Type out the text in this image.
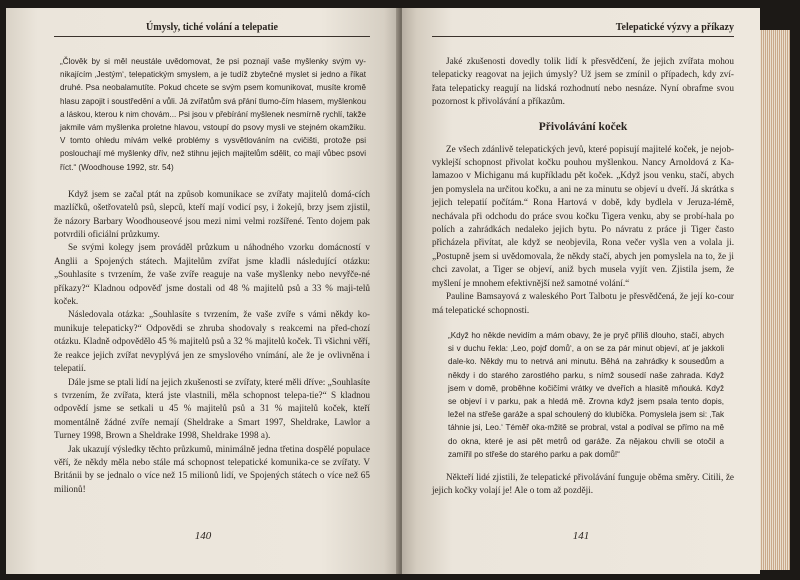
Úmysly, tiché volání a telepatie

„Člověk by si měl neustále uvědomovat, že psi poznají vaše myšlenky svým vy-nikajícím ‚Jestým‘, telepatickým smyslem, a je tudíž zbytečné myslet si jedno a říkat druhé. Psa neobalamutíte. Pokud chcete se svým psem komunikovat, musíte kromě hlasu zapojit i soustředění a vůli. Já zvířatům svá přání tlumo-čím hlasem, myšlenkou a láskou, kterou k nim chovám... Psi jsou v přebírání myšlenek nesmírně rychlí, takže jakmile vám myšlenka proletne hlavou, vstoupí do psovy mysli ve stejném okamžiku. V tomto ohledu mívám velké problémy s vysvětlováním na cvičišti, protože psi poslouchají mé myšlenky dřív, než stihnu jejich majitelům sdělit, co mají vůbec psovi říct.“ (Woodhouse 1992, str. 54)

Když jsem se začal ptát na způsob komunikace se zvířaty majitelů domá-cích mazlíčků, ošetřovatelů psů, slepců, kteří mají vodicí psy, i žokejů, brzy jsem zjistil, že názory Barbary Woodhouseové jsou mezi nimi velmi rozšířené. Tento dojem pak potvrdili oficiální průzkumy.

Se svými kolegy jsem prováděl průzkum u náhodného vzorku domácností v Anglii a Spojených státech. Majitelům zvířat jsme kladli následující otázku: „Souhlasíte s tvrzením, že vaše zvíře reaguje na vaše myšlenky nebo nevyřče-né příkazy?“ Kladnou odpověď jsme dostali od 48 % majitelů psů a 33 % maji-telů koček.

Následovala otázka: „Souhlasíte s tvrzením, že vaše zvíře s vámi někdy ko-munikuje telepaticky?“ Odpovědi se zhruba shodovaly s reakcemi na před-chozí otázku. Kladně odpovědělo 45 % majitelů psů a 32 % majitelů koček. Ti všichni věří, že reakce jejich zvířat nevyplývá jen ze smyslového vnímání, ale že je ovlivněna i telepatií.

Dále jsme se ptali lidí na jejich zkušenosti se zvířaty, které měli dříve: „Souhlasíte s tvrzením, že zvířata, která jste vlastnili, měla schopnost telepa-tie?“ S kladnou odpovědí jsme se setkali u 45 % majitelů psů a 31 % majitelů koček, kteří momentálně žádné zvíře nemají (Sheldrake a Smart 1997, Sheldrake, Lawlor a Turney 1998, Brown a Sheldrake 1998, Sheldrake 1998 a).

Jak ukazují výsledky těchto průzkumů, minimálně jedna třetina dospělé populace věří, že někdy měla nebo stále má schopnost telepatické komunika-ce se zvířaty. V Británii by se jednalo o více než 15 milionů lidí, ve Spojených státech o více než 65 milionů!

140
Telepatické výzvy a příkazy

Jaké zkušenosti dovedly tolik lidí k přesvědčení, že jejich zvířata mohou telepaticky reagovat na jejich úmysly? Už jsem se zmínil o případech, kdy zví-řata telepaticky reagují na lidská rozhodnutí nebo nesnáze. Nyní obrafme svou pozornost k přivolávání a příkazům.

Přivolávání koček

Ze všech zdánlivě telepatických jevů, které popisují majitelé koček, je nejob-vyklejší schopnost přivolat kočku pouhou myšlenkou. Nancy Arnoldová z Ka-lamazoo v Michiganu má kupříkladu pět koček. „Když jsou venku, stačí, abych jen pomyslela na určitou kočku, a ani ne za minutu se objeví u dveří. Já skrátka s jejich telepatií počítám.“ Rona Hartová v době, kdy bydlela v Jeruza-lémě, nechávala při odchodu do práce svou kočku Tigera venku, aby se probí-hala po polích a zahrádkách nedaleko jejich bytu. Po návratu z práce ji Tiger často přicházela přivítat, ale když se neobjevila, Rona večer vyšla ven a volala ji. „Postupně jsem si uvědomovala, že někdy stačí, abych jen pomyslela na to, že ji chci zavolat, a Tiger se objeví, aniž bych musela vyjít ven. Zjistila jsem, že myšlení je mnohem efektivnější než samotné volání.“

Pauline Bamsayová z waleského Port Talbotu je přesvědčená, že její ko-cour má telepatické schopnosti.

„Když ho někde nevidím a mám obavy, že je pryč příliš dlouho, stačí, abych si v duchu řekla: ‚Leo, pojď domů‘, a on se za pár minut objeví, ať je jakkoli dale-ko. Někdy mu to netrvá ani minutu. Běhá na zahrádky k sousedům a někdy i do starého zarostlého parku, s nímž sousedí naše zahrada. Když jsem v domě, proběhne kočičími vrátky ve dveřích a hlasitě mňouká. Když se objeví i v parku, pak a hledá mě. Zrovna když jsem psala tento dopis, ležel na střeše garáže a spal schoulený do klubíčka. Pomyslela jsem si: ‚Tak táhnie jsi, Leo.‘ Téměř oka-mžitě se probral, vstal a podíval se přímo na mě do okna, které je asi pět metrů od garáže. Za nějakou chvíli se otočil a zamířil po střeše do starého parku a pak domů!“

Někteří lidé zjistili, že telepatické přivolávání funguje oběma směry. Citili, že jejich kočky volají je! Ale o tom až později.

141
